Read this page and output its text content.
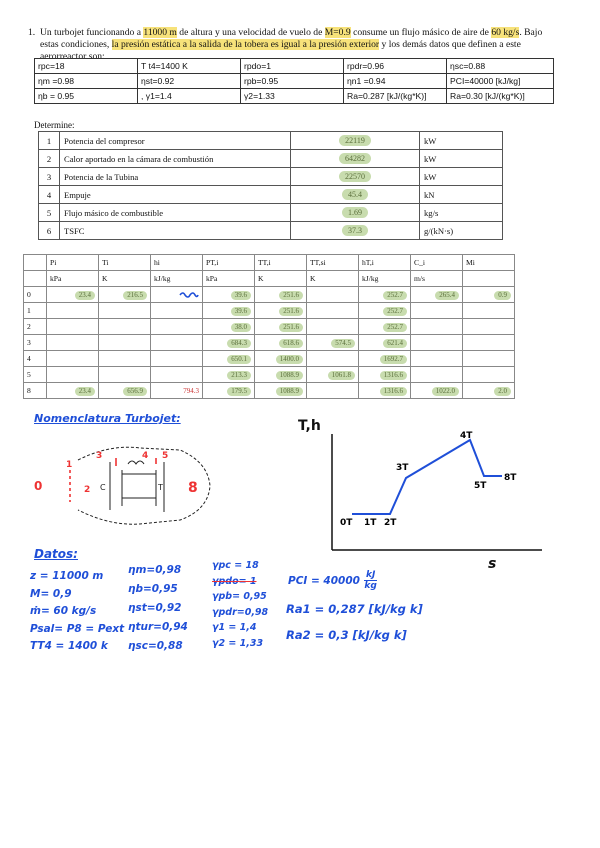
1. Un turbojet funcionando a 11000 m de altura y una velocidad de vuelo de M=0.9 consume un flujo másico de aire de 60 kg/s. Bajo estas condiciones, la presión estática a la salida de la tobera es igual a la presión exterior y los demás datos que definen a este aerorreactor son:
rpc=18	T t4=1400 K	rpdo=1	rpdr=0.96	ηsc=0.88
ηm =0.98	ηst=0.92	rpb=0.95	ηn1 =0.94	PCI=40000 [kJ/kg]
ηb = 0.95	, γ1=1.4	γ2=1.33	Ra=0.287 [kJ/(kg*K)]	Ra=0.30 [kJ/(kg*K)]
Determine:
1	Potencia del compresor	22119	kW
2	Calor aportado en la cámara de combustión	64282	kW
3	Potencia de la Tubina	22570	kW
4	Empuje	45.4	kN
5	Flujo másico de combustible	1.69	kg/s
6	TSFC	37.3	g/(kN·s)
	Pi	Ti	hi	PT,i	TT,i	TT,si	hT,i	C_i	Mi
	kPa	K	kJ/kg	kPa	K	K	kJ/kg	m/s	
0	23.4	216.5		39.6	251.6		252.7	265.4	0.9
1				39.6	251.6		252.7		
2				38.0	251.6		252.7		
3				684.3	618.6	574.5	621.4		
4				650.1	1400.0		1692.7		
5				213.3	1088.9	1061.8	1316.6		
8	23.4	656.9	794.3	179.5	1088.9		1316.6	1022.0	2.0
Nomenclatura Turbojet:
0
1
2
3	4 5
8
C	T
T,h
s
0T 1T 2T
3T
4T
5T
8T
Datos:
z = 11000 m
M= 0,9
ṁ= 60 kg/s
Psal= P8 = Pext
TT4 = 1400 k
ηm=0,98
ηb=0,95
ηst=0,92
ηtur=0,94
ηsc=0,88
γpc = 18
γpdo= 1
γpb= 0,95
γpdr=0,98
γ1 = 1,4
γ2 = 1,33
PCI = $40000 \frac{kJ}{kg}$
Ra1 = 0,287 [kJ/kg k]
Ra2 = 0,3 [kJ/kg k]
